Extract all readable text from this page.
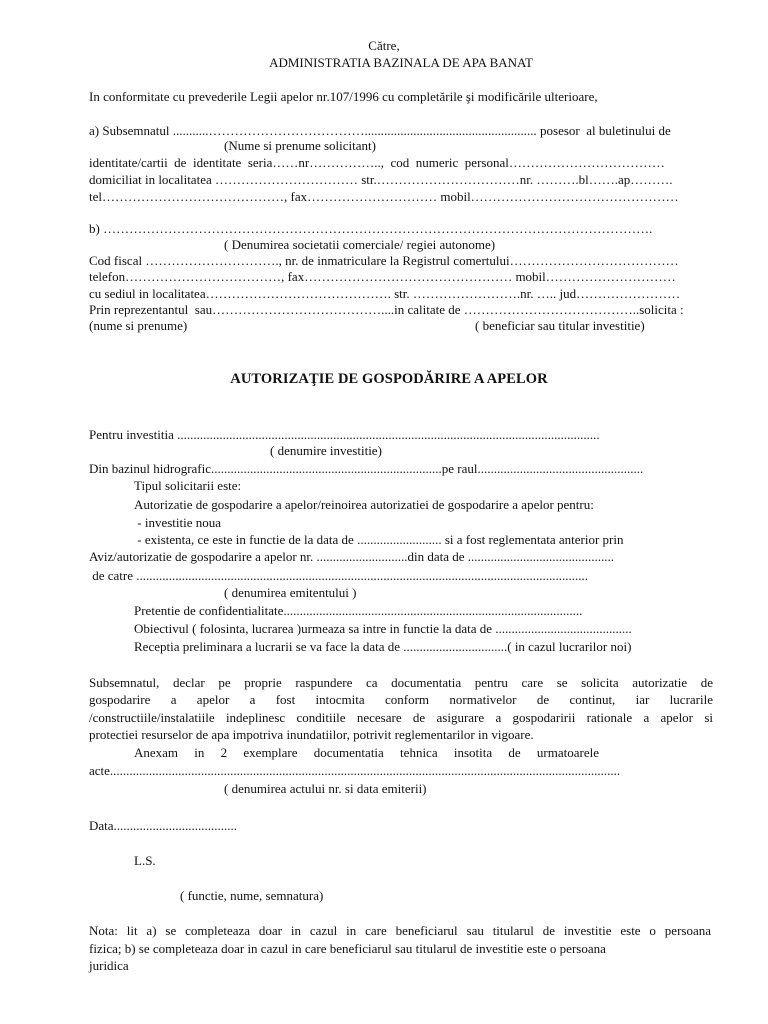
Către,
ADMINISTRATIA BAZINALA DE APA BANAT
In conformitate cu prevederile Legii apelor nr.107/1996 cu completările şi modificările ulterioare,
a) Subsemnatul ...........………………………………..................................................... posesor  al buletinului de
(Nume si prenume solicitant)
identitate/cartii  de  identitate  seria……nr……………..,  cod  numeric  personal………………………………
domiciliat in localitatea …………………………… str.……………………………nr. ……….bl…….ap……….
tel……………………………………, fax………………………… mobil…………………………………………
b) ……………………………………………………………………………………………………………….
( Denumirea societatii comerciale/ regiei autonome)
Cod fiscal …………………………., nr. de inmatriculare la Registrul comertului…………………………………
telefon………………………………, fax………………………………………… mobil…………………………
cu sediul in localitatea……………………………………. str. …………………….nr. ….. jud……………………
Prin reprezentantul  sau…………………………………....in calitate de …………………………………..solicita :
(nume si prenume)	( beneficiar sau titular investitie)
AUTORIZAŢIE DE GOSPODĂRIRE A APELOR
Pentru investitia ..................................................................................................................................
( denumire investitie)
Din bazinul hidrografic.......................................................................pe raul...................................................
Tipul solicitarii este:
Autorizatie de gospodarire a apelor/reinoirea autorizatiei de gospodarire a apelor pentru:
- investitie noua
- existenta, ce este in functie de la data de .......................... si a fost reglementata anterior prin
Aviz/autorizatie de gospodarire a apelor nr. ............................din data de .............................................
de catre ...........................................................................................................................................
( denumirea emitentului )
Pretentie de confidentialitate............................................................................................
Obiectivul ( folosinta, lucrarea )urmeaza sa intre in functie la data de ..........................................
Receptia preliminara a lucrarii se va face la data de ................................( in cazul lucrarilor noi)
Subsemnatul, declar pe proprie raspundere ca documentatia pentru care se solicita autorizatie de
gospodarire a apelor a fost intocmita conform normativelor de continut, iar lucrarile
/constructiile/instalatiile indeplinesc conditiile necesare de asigurare a gospodaririi rationale a apelor si
protectiei resurselor de apa impotriva inundatiilor, potrivit reglementarilor in vigoare.
Anexam     in     2     exemplare     documentatia     tehnica     insotita     de     urmatoarele
acte.............................................................................................................................................................
( denumirea actului nr. si data emiterii)
Data......................................
L.S.
( functie, nume, semnatura)
Nota: lit a) se completeaza doar in cazul in care beneficiarul sau titularul de investitie este o persoana
fizica; b) se completeaza doar in cazul in care beneficiarul sau titularul de investitie este o persoana
juridica
